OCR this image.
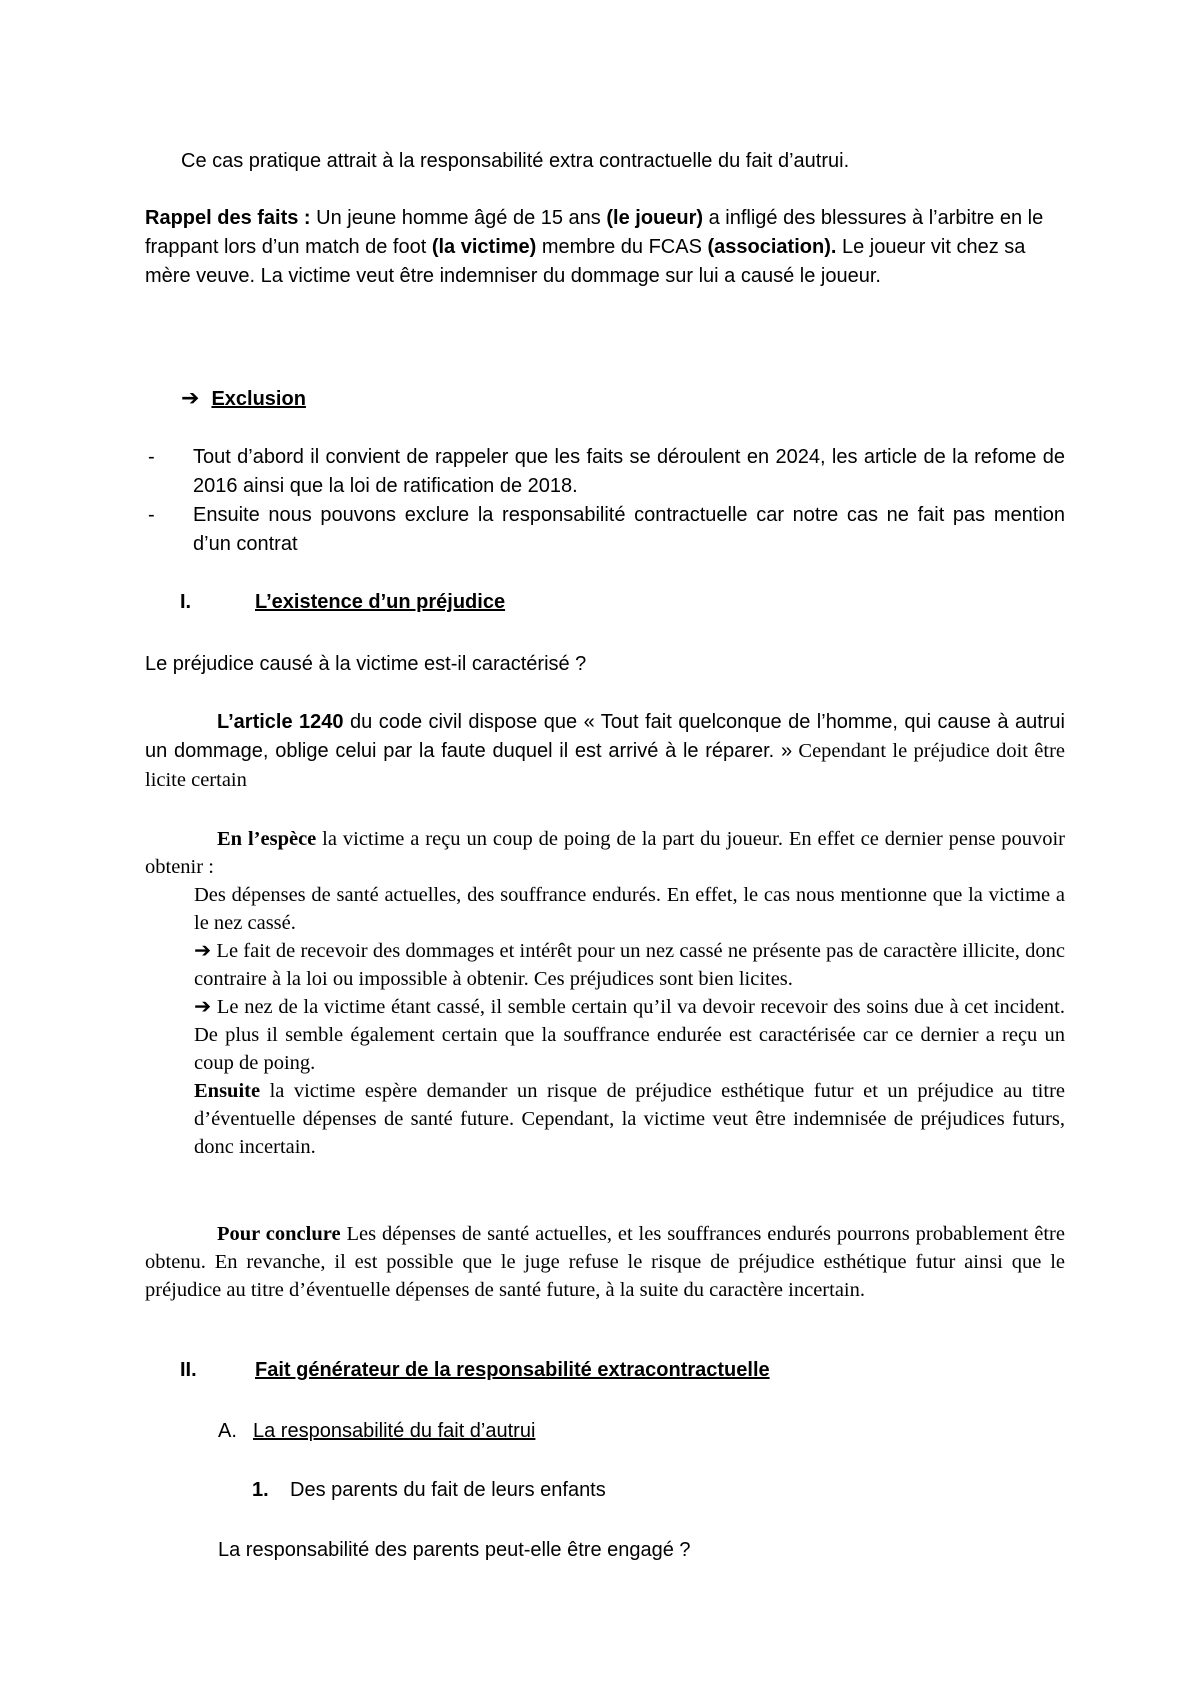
Ce cas pratique attrait à la responsabilité extra contractuelle du fait d’autrui.

Rappel des faits : Un jeune homme âgé de 15 ans (le joueur) a infligé des blessures à l’arbitre en le frappant lors d’un match de foot (la victime) membre du FCAS (association). Le joueur vit chez sa mère veuve. La victime veut être indemniser du dommage sur lui a causé le joueur.

➔ Exclusion

- Tout d’abord il convient de rappeler que les faits se déroulent en 2024, les article de la refome de 2016 ainsi que la loi de ratification de 2018.
- Ensuite nous pouvons exclure la responsabilité contractuelle car notre cas ne fait pas mention d’un contrat

I.	L’existence d’un préjudice

Le préjudice causé à la victime est-il caractérisé ?

L’article 1240 du code civil dispose que « Tout fait quelconque de l’homme, qui cause à autrui un dommage, oblige celui par la faute duquel il est arrivé à le réparer. » Cependant le préjudice doit être licite certain

En l’espèce la victime a reçu un coup de poing de la part du joueur. En effet ce dernier pense pouvoir obtenir :

Des dépenses de santé actuelles, des souffrance endurés. En effet, le cas nous mentionne que la victime a le nez cassé.
➔ Le fait de recevoir des dommages et intérêt pour un nez cassé ne présente pas de caractère illicite, donc contraire à la loi ou impossible à obtenir. Ces préjudices sont bien licites.
➔ Le nez de la victime étant cassé, il semble certain qu’il va devoir recevoir des soins due à cet incident. De plus il semble également certain que la souffrance endurée est caractérisée car ce dernier a reçu un coup de poing.
Ensuite la victime espère demander un risque de préjudice esthétique futur et un préjudice au titre d’éventuelle dépenses de santé future. Cependant, la victime veut être indemnisée de préjudices futurs, donc incertain.

Pour conclure Les dépenses de santé actuelles, et les souffrances endurés pourrons probablement être obtenu. En revanche, il est possible que le juge refuse le risque de préjudice esthétique futur ainsi que le préjudice au titre d’éventuelle dépenses de santé future, à la suite du caractère incertain.

II.	Fait générateur de la responsabilité extracontractuelle

A. La responsabilité du fait d’autrui

1. Des parents du fait de leurs enfants

La responsabilité des parents peut-elle être engagé ?
